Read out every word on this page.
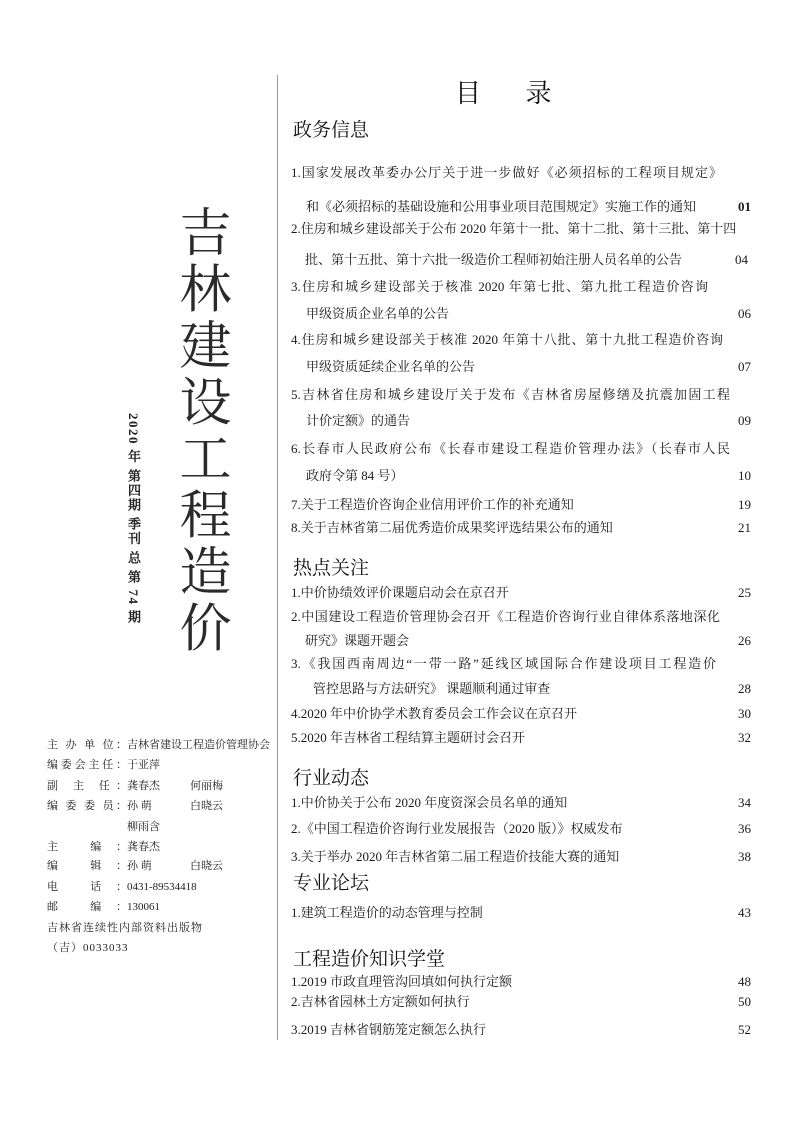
吉林建设工程造价
2020 年 第四期 季刊 总 第 74 期
主 办 单 位：吉林省建设工程造价管理协会
编委会主任：于亚萍
副 主 任：龚春杰	何丽梅
编 委 委 员：孙 萌	白晓云
柳雨含
主 编：龚春杰
编 辑：孙 萌	白晓云
电 话：0431-89534418
邮 编：130061
吉林省连续性内部资料出版物
（吉）0033033
目 录
政务信息
1.国家发展改革委办公厅关于进一步做好《必须招标的工程项目规定》
和《必须招标的基础设施和公用事业项目范围规定》实施工作的通知	01
2.住房和城乡建设部关于公布 2020 年第十一批、第十二批、第十三批、第十四
批、第十五批、第十六批一级造价工程师初始注册人员名单的公告	04
3.住房和城乡建设部关于核准 2020 年第七批、第九批工程造价咨询
甲级资质企业名单的公告	06
4.住房和城乡建设部关于核准 2020 年第十八批、第十九批工程造价咨询
甲级资质延续企业名单的公告	07
5.吉林省住房和城乡建设厅关于发布《吉林省房屋修缮及抗震加固工程
计价定额》的通告	09
6.长春市人民政府公布《长春市建设工程造价管理办法》（长春市人民
政府令第 84 号）	10
7.关于工程造价咨询企业信用评价工作的补充通知	19
8.关于吉林省第二届优秀造价成果奖评选结果公布的通知	21
热点关注
1.中价协绩效评价课题启动会在京召开	25
2.中国建设工程造价管理协会召开《工程造价咨询行业自律体系落地深化
研究》课题开题会	26
3.《我国西南周边“一带一路”延线区域国际合作建设项目工程造价
管控思路与方法研究》 课题顺利通过审查	28
4.2020 年中价协学术教育委员会工作会议在京召开	30
5.2020 年吉林省工程结算主题研讨会召开	32
行业动态
1.中价协关于公布 2020 年度资深会员名单的通知	34
2.《中国工程造价咨询行业发展报告（2020 版）》权威发布	36
3.关于举办 2020 年吉林省第二届工程造价技能大赛的通知	38
专业论坛
1.建筑工程造价的动态管理与控制	43
工程造价知识学堂
1.2019 市政直理管沟回填如何执行定额	48
2.吉林省园林土方定额如何执行	50
3.2019 吉林省钢筋笼定额怎么执行	52
